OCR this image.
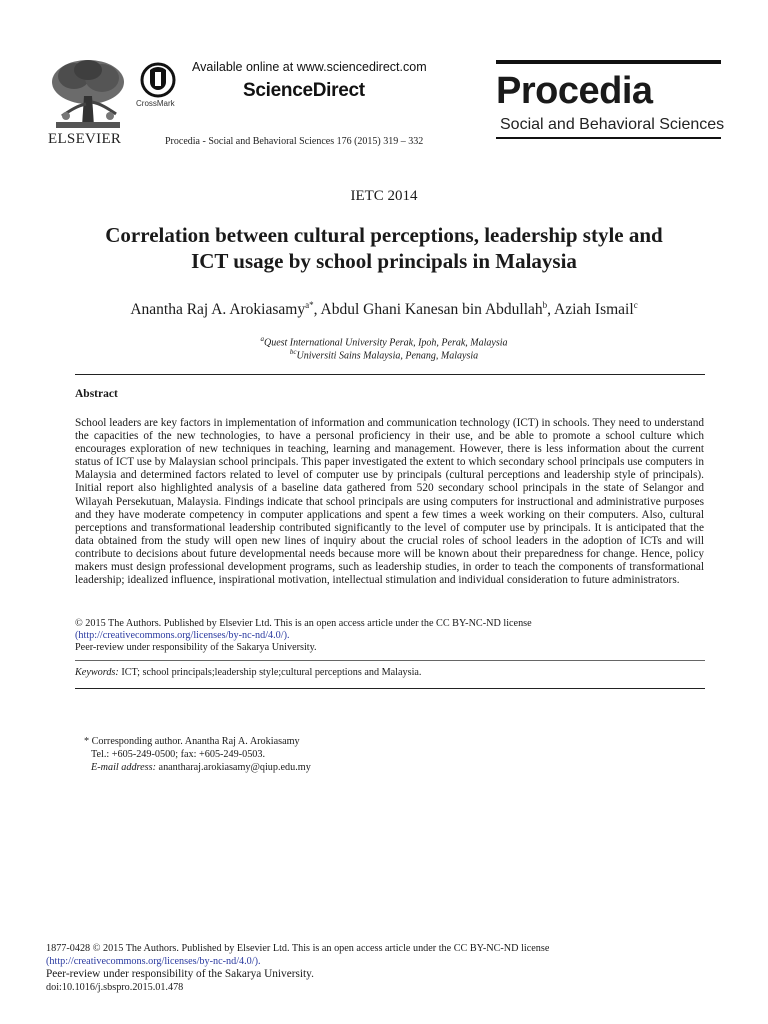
ELSEVIER
CrossMark
Available online at www.sciencedirect.com
ScienceDirect
Procedia - Social and Behavioral Sciences 176 (2015) 319 – 332
Procedia
Social and Behavioral Sciences
IETC 2014
Correlation between cultural perceptions, leadership style and
ICT usage by school principals in Malaysia
Anantha Raj A. Arokiasamy$^{a*}$, Abdul Ghani Kanesan bin Abdullah$^b$, Aziah Ismail$^c$
$^a$Quest International University Perak, Ipoh, Perak, Malaysia
$^{bc}$Universiti Sains Malaysia, Penang, Malaysia
Abstract
School leaders are key factors in implementation of information and communication technology (ICT) in schools. They need to understand the capacities of the new technologies, to have a personal proficiency in their use, and be able to promote a school culture which encourages exploration of new techniques in teaching, learning and management. However, there is less information about the current status of ICT use by Malaysian school principals. This paper investigated the extent to which secondary school principals use computers in Malaysia and determined factors related to level of computer use by principals (cultural perceptions and leadership style of principals). Initial report also highlighted analysis of a baseline data gathered from 520 secondary school principals in the state of Selangor and Wilayah Persekutuan, Malaysia. Findings indicate that school principals are using computers for instructional and administrative purposes and they have moderate competency in computer applications and spent a few times a week working on their computers. Also, cultural perceptions and transformational leadership contributed significantly to the level of computer use by principals. It is anticipated that the data obtained from the study will open new lines of inquiry about the crucial roles of school leaders in the adoption of ICTs and will contribute to decisions about future developmental needs because more will be known about their preparedness for change. Hence, policy makers must design professional development programs, such as leadership studies, in order to teach the components of transformational leadership; idealized influence, inspirational motivation, intellectual stimulation and individual consideration to future administrators.
© 2015 The Authors. Published by Elsevier Ltd. This is an open access article under the CC BY-NC-ND license
(http://creativecommons.org/licenses/by-nc-nd/4.0/).
Peer-review under responsibility of the Sakarya University.
Keywords: ICT; school principals;leadership style;cultural perceptions and Malaysia.
* Corresponding author. Anantha Raj A. Arokiasamy
Tel.: +605-249-0500; fax: +605-249-0503.
E-mail address: anantharaj.arokiasamy@qiup.edu.my
1877-0428 © 2015 The Authors. Published by Elsevier Ltd. This is an open access article under the CC BY-NC-ND license
(http://creativecommons.org/licenses/by-nc-nd/4.0/).
Peer-review under responsibility of the Sakarya University.
doi:10.1016/j.sbspro.2015.01.478
